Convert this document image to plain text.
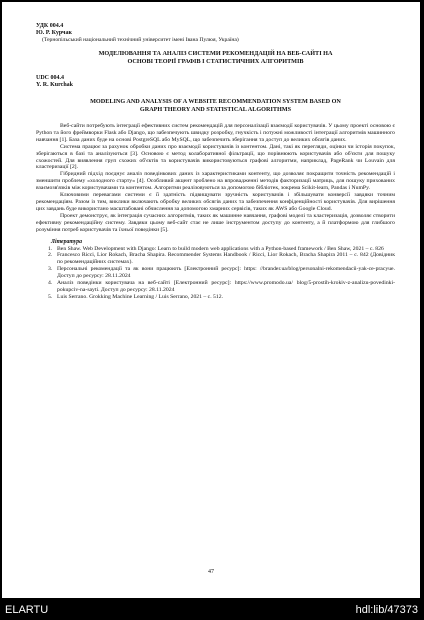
УДК 004.4
Ю. Р. Курчак
(Тернопільський національний технічний університет імені Івана Пулюя, Україна)
МОДЕЛЮВАННЯ ТА АНАЛІЗ СИСТЕМИ РЕКОМЕНДАЦІЙ НА ВЕБ-САЙТІ НА
ОСНОВІ ТЕОРІЇ ГРАФІВ І СТАТИСТИЧНИХ АЛГОРИТМІВ
UDC 004.4
Y. R. Kurchak
MODELING AND ANALYSIS OF A WEBSITE RECOMMENDATION SYSTEM BASED ON
GRAPH THEORY AND STATISTICAL ALGORITHMS

Веб-сайти потребують інтеграції ефективних систем рекомендацій для персоналізації взаємодії користувачів. У цьому проекті основою є Python та його фреймворки Flask або Django, що забезпечують швидку розробку, гнучкість і потужні можливості інтеграції алгоритмів машинного навчання [1]. База даних буде на основі PostgreSQL або MySQL, що забезпечить зберігання та доступ до великих обсягів даних.

Система працює за рахунок обробки даних про взаємодії користувачів із контентом. Дані, такі як перегляди, оцінки чи історія покупок, зберігаються в базі та аналізуються [3]. Основою є метод колаборативної фільтрації, що порівнюють користувачів або об'єкти для пошуку схожостей. Для виявлення груп схожих об'єктів та користувачів використовуються графові алгоритми, наприклад, PageRank чи Louvain для кластеризації [2].

Гібридний підхід поєднує аналіз поведінкових даних із характеристиками контенту, що дозволяє покращити точність рекомендацій і зменшити проблему «холодного старту» [4]. Особливий акцент зроблено на впровадженні методів факторизації матриць, для пошуку прихованих взаємозв'язків між користувачами та контентом. Алгоритми реалізовуються за допомогою бібліотек, зокрема Scikit-learn, Pandas і NumPy.

Ключовими перевагами системи є її здатність підвищувати зручність користувачів і збільшувати конверсії завдяки точним рекомендаціям. Разом із тим, виклики включають обробку великих обсягів даних та забезпечення конфіденційності користувачів. Для вирішення цих завдань буде використано масштабовані обчислення за допомогою хмарних сервісів, таких як AWS або Google Cloud.

Проект демонструє, як інтеграція сучасних алгоритмів, таких як машинне навчання, графові моделі та кластеризація, дозволяє створити ефективну рекомендаційну систему. Завдяки цьому веб-сайт стає не лише інструментом доступу до контенту, а й платформою для глибшого розуміння потреб користувачів та їхньої поведінки [5].

Література
1. Ben Shaw. Web Development with Django: Learn to build modern web applications with a Python-based framework / Ben Shaw, 2021 – c. 826
2. Francesco Ricci, Lior Rokach, Bracha Shapira. Recommender Systems Handbook / Ricci, Lior Rokach, Bracha Shapira 2011 – c. 842 (Довідник по рекомендаційних системах).
3. Персональні рекомендації та як вони працюють [Електронний ресурс]: https: //brander.ua/blog/personalni-rekomendacii-yak-ce-pracyue. Доступ до ресурсу: 28.11.2024
4. Аналіз поведінки користувача на веб-сайті [Електронний ресурс]: https://www.promodo.ua/ blog/5-prostih-krokiv-z-analizu-povedinki-pokupciv-na-sayti. Доступ до ресурсу: 28.11.2024
5. Luis Serrano. Grokking Machine Learning / Luis Serrano, 2021 – c. 512.
47
ELARTU	hdl:lib/47373
